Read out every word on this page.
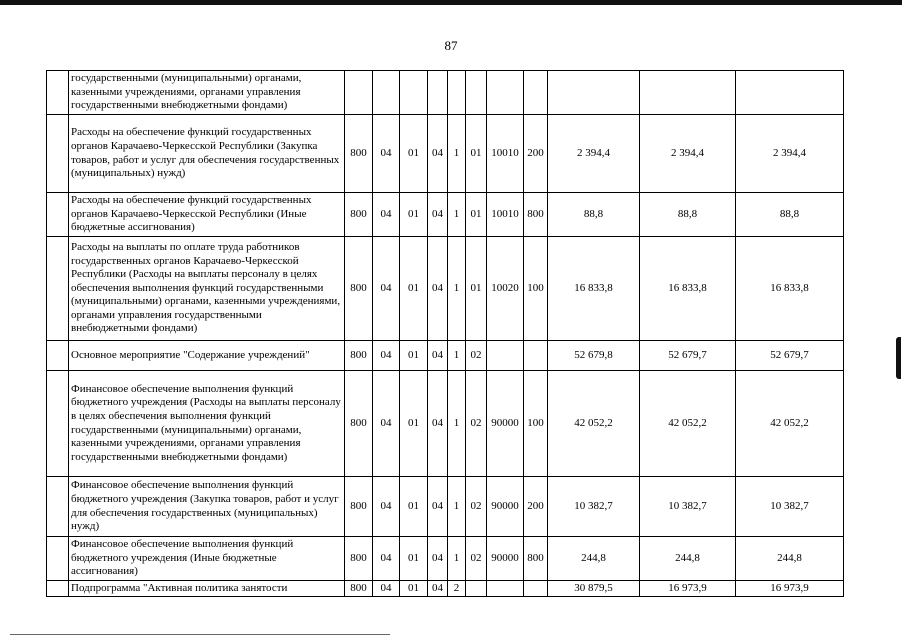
87
	государственными (муниципальными) органами, казенными учреждениями, органами управления государственными внебюджетными фондами)											
	Расходы на обеспечение функций государственных органов Карачаево-Черкесской Республики (Закупка товаров, работ и услуг для обеспечения государственных (муниципальных) нужд)	800	04	01	04	1	01	10010	200	2 394,4	2 394,4	2 394,4
	Расходы на обеспечение функций государственных органов Карачаево-Черкесской Республики (Иные бюджетные ассигнования)	800	04	01	04	1	01	10010	800	88,8	88,8	88,8
	Расходы на выплаты по оплате труда работников государственных органов Карачаево-Черкесской Республики (Расходы на выплаты персоналу в целях обеспечения выполнения функций государственными (муниципальными) органами, казенными учреждениями, органами управления государственными внебюджетными фондами)	800	04	01	04	1	01	10020	100	16 833,8	16 833,8	16 833,8
	Основное мероприятие "Содержание учреждений"	800	04	01	04	1	02			52 679,8	52 679,7	52 679,7
	Финансовое обеспечение выполнения функций бюджетного учреждения (Расходы на выплаты персоналу в целях обеспечения выполнения функций государственными (муниципальными) органами, казенными учреждениями, органами управления государственными внебюджетными фондами)	800	04	01	04	1	02	90000	100	42 052,2	42 052,2	42 052,2
	Финансовое обеспечение выполнения функций бюджетного учреждения (Закупка товаров, работ и услуг для обеспечения государственных (муниципальных) нужд)	800	04	01	04	1	02	90000	200	10 382,7	10 382,7	10 382,7
	Финансовое обеспечение выполнения функций бюджетного учреждения (Иные бюджетные ассигнования)	800	04	01	04	1	02	90000	800	244,8	244,8	244,8
	Подпрограмма "Активная политика занятости	800	04	01	04	2				30 879,5	16 973,9	16 973,9
